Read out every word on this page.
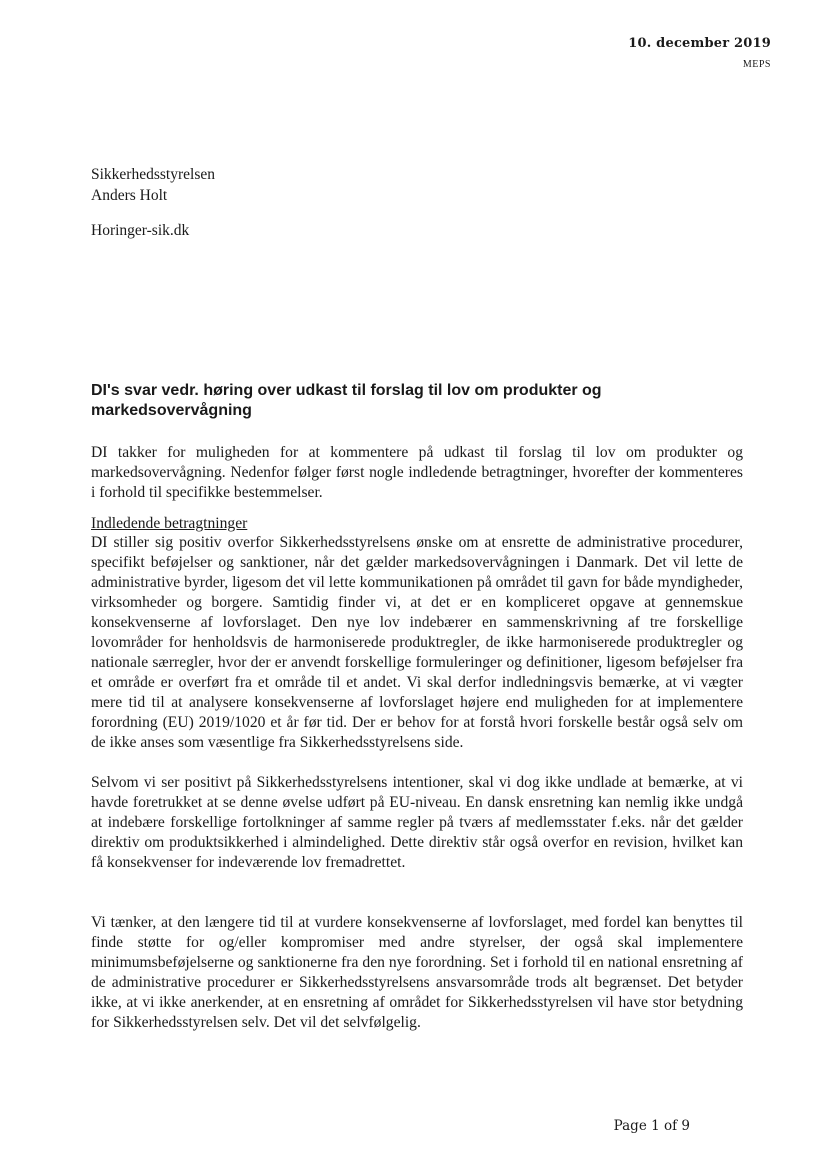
10. december 2019
MEPS
Sikkerhedsstyrelsen
Anders Holt
Horinger-sik.dk
DI's svar vedr. høring over udkast til forslag til lov om produkter og markedsovervågning

DI takker for muligheden for at kommentere på udkast til forslag til lov om produkter og markedsovervågning. Nedenfor følger først nogle indledende betragtninger, hvorefter der kommenteres i forhold til specifikke bestemmelser.

Indledende betragtninger

DI stiller sig positiv overfor Sikkerhedsstyrelsens ønske om at ensrette de administrative procedurer, specifikt beføjelser og sanktioner, når det gælder markedsovervågningen i Danmark. Det vil lette de administrative byrder, ligesom det vil lette kommunikationen på området til gavn for både myndigheder, virksomheder og borgere. Samtidig finder vi, at det er en kompliceret opgave at gennemskue konsekvenserne af lovforslaget. Den nye lov indebærer en sammenskrivning af tre forskellige lovområder for henholdsvis de harmoniserede produktregler, de ikke harmoniserede produktregler og nationale særregler, hvor der er anvendt forskellige formuleringer og definitioner, ligesom beføjelser fra et område er overført fra et område til et andet. Vi skal derfor indledningsvis bemærke, at vi vægter mere tid til at analysere konsekvenserne af lovforslaget højere end muligheden for at implementere forordning (EU) 2019/1020 et år før tid. Der er behov for at forstå hvori forskelle består også selv om de ikke anses som væsentlige fra Sikkerhedsstyrelsens side.

Selvom vi ser positivt på Sikkerhedsstyrelsens intentioner, skal vi dog ikke undlade at bemærke, at vi havde foretrukket at se denne øvelse udført på EU-niveau. En dansk ensretning kan nemlig ikke undgå at indebære forskellige fortolkninger af samme regler på tværs af medlemsstater f.eks. når det gælder direktiv om produktsikkerhed i almindelighed. Dette direktiv står også overfor en revision, hvilket kan få konsekvenser for indeværende lov fremadrettet.

Vi tænker, at den længere tid til at vurdere konsekvenserne af lovforslaget, med fordel kan benyttes til finde støtte for og/eller kompromiser med andre styrelser, der også skal implementere minimumsbeføjelserne og sanktionerne fra den nye forordning. Set i forhold til en national ensretning af de administrative procedurer er Sikkerhedsstyrelsens ansvarsområde trods alt begrænset. Det betyder ikke, at vi ikke anerkender, at en ensretning af området for Sikkerhedsstyrelsen vil have stor betydning for Sikkerhedsstyrelsen selv. Det vil det selvfølgelig.

Page 1 of 9
